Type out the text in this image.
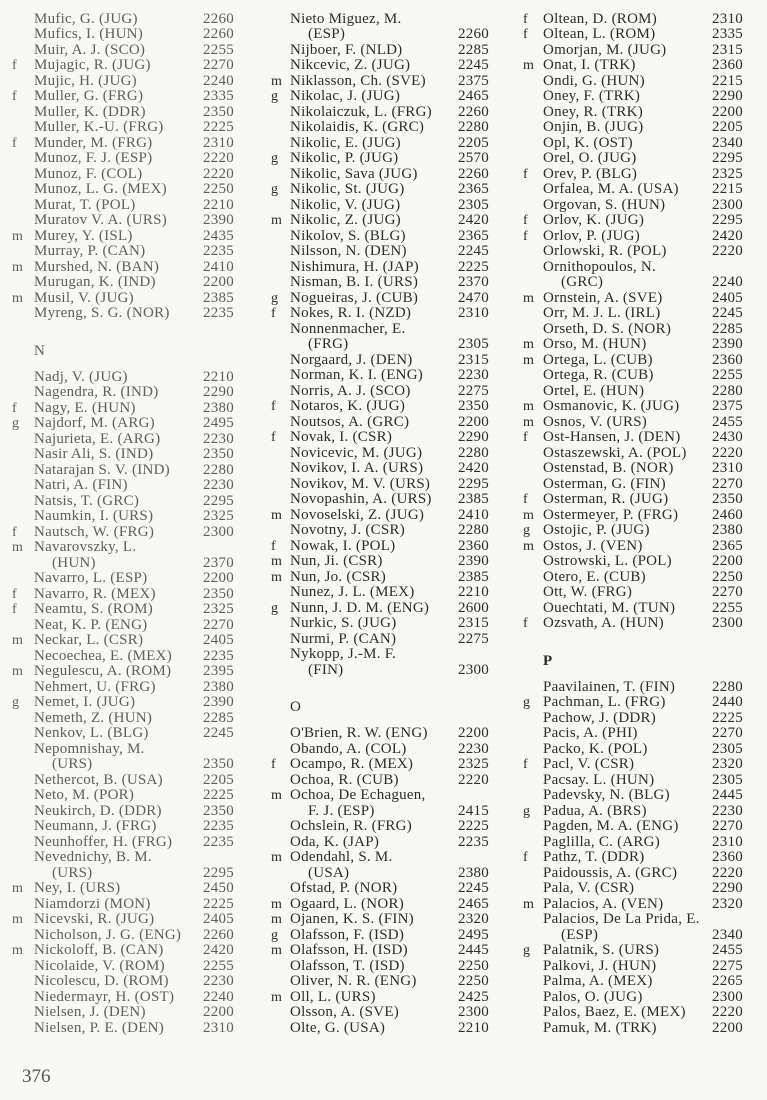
Mufic, G. (JUG)	2260
Mufics, I. (HUN)	2260
Muir, A. J. (SCO)	2255
f Mujagic, R. (JUG)	2270
Mujic, H. (JUG)	2240
f Muller, G. (FRG)	2335
Muller, K. (DDR)	2350
Muller, K.-U. (FRG)	2225
f Munder, M. (FRG)	2310
Munoz, F. J. (ESP)	2220
Munoz, F. (COL)	2220
Munoz, L. G. (MEX) 2250
Murat, T. (POL)	2210
Muratov V. A. (URS) 2390
m Murey, Y. (ISL)	2435
Murray, P. (CAN)	2235
m Murshed, N. (BAN)	2410
Murugan, K. (IND)	2200
m Musil, V. (JUG)	2385
Myreng, S. G. (NOR) 2235
N
Nadj, V. (JUG)	2210
Nagendra, R. (IND)	2290
f Nagy, E. (HUN)	2380
g Najdorf, M. (ARG)	2495
Najurieta, E. (ARG)	2230
Nasir Ali, S. (IND)	2350
Natarajan S. V. (IND) 2280
Natri, A. (FIN)	2230
Natsis, T. (GRC)	2295
Naumkin, I. (URS)	2325
f Nautsch, W. (FRG)	2300
m Navarovszky, L.
(HUN)	2370
Navarro, L. (ESP)	2200
f Navarro, R. (MEX)	2350
f Neamtu, S. (ROM)	2325
Neat, K. P. (ENG)	2270
m Neckar, L. (CSR)	2405
Necoechea, E. (MEX) 2235
m Negulescu, A. (ROM) 2395
Nehmert, U. (FRG)	2380
g Nemet, I. (JUG)	2390
Nemeth, Z. (HUN)	2285
Nenkov, L. (BLG)	2245
Nepomnishay, M.
(URS)	2350
Nethercot, B. (USA)	2205
Neto, M. (POR)	2225
Neukirch, D. (DDR)	2350
Neumann, J. (FRG)	2235
Neunhoffer, H. (FRG) 2235
Nevednichy, B. M.
(URS)	2295
m Ney, I. (URS)	2450
Niamdorzi (MON)	2225
m Nicevski, R. (JUG)	2405
Nicholson, J. G. (ENG) 2260
m Nickoloff, B. (CAN)	2420
Nicolaide, V. (ROM)	2255
Nicolescu, D. (ROM) 2230
Niedermayr, H. (OST) 2240
Nielsen, J. (DEN)	2200
Nielsen, P. E. (DEN)	2310
Nieto Miguez, M.
(ESP)	2260
Nijboer, F. (NLD)	2285
Nikcevic, Z. (JUG)	2245
m Niklasson, Ch. (SVE) 2375
g Nikolac, J. (JUG)	2465
Nikolaiczuk, L. (FRG) 2260
Nikolaidis, K. (GRC) 2280
Nikolic, E. (JUG)	2205
g Nikolic, P. (JUG)	2570
Nikolic, Sava (JUG)	2260
g Nikolic, St. (JUG)	2365
Nikolic, V. (JUG)	2305
m Nikolic, Z. (JUG)	2420
Nikolov, S. (BLG)	2365
Nilsson, N. (DEN)	2245
Nishimura, H. (JAP)	2225
Nisman, B. I. (URS)	2370
g Nogueiras, J. (CUB)	2470
f Nokes, R. I. (NZD)	2310
Nonnenmacher, E.
(FRG)	2305
Norgaard, J. (DEN)	2315
Norman, K. I. (ENG) 2230
Norris, A. J. (SCO)	2275
f Notaros, K. (JUG)	2350
Noutsos, A. (GRC)	2200
f Novak, I. (CSR)	2290
Novicevic, M. (JUG) 2280
Novikov, I. A. (URS) 2420
Novikov, M. V. (URS) 2295
Novopashin, A. (URS) 2385
m Novoselski, Z. (JUG) 2410
Novotny, J. (CSR)	2280
f Nowak, I. (POL)	2360
m Nun, Ji. (CSR)	2390
m Nun, Jo. (CSR)	2385
Nunez, J. L. (MEX)	2210
g Nunn, J. D. M. (ENG) 2600
Nurkic, S. (JUG)	2315
Nurmi, P. (CAN)	2275
Nykopp, J.-M. F.
(FIN)	2300
O
O'Brien, R. W. (ENG) 2200
Obando, A. (COL)	2230
f Ocampo, R. (MEX)	2325
Ochoa, R. (CUB)	2220
m Ochoa, De Echaguen,
F. J. (ESP)	2415
Ochslein, R. (FRG)	2225
Oda, K. (JAP)	2235
m Odendahl, S. M.
(USA)	2380
Ofstad, P. (NOR)	2245
m Ogaard, L. (NOR)	2465
m Ojanen, K. S. (FIN)	2320
g Olafsson, F. (ISD)	2495
m Olafsson, H. (ISD)	2445
Olafsson, T. (ISD)	2250
Oliver, N. R. (ENG)	2250
m Oll, L. (URS)	2425
Olsson, A. (SVE)	2300
Olte, G. (USA)	2210
f Oltean, D. (ROM)	2310
f Oltean, L. (ROM)	2335
Omorjan, M. (JUG)	2315
m Onat, I. (TRK)	2360
Ondi, G. (HUN)	2215
Oney, F. (TRK)	2290
Oney, R. (TRK)	2200
Onjin, B. (JUG)	2205
Opl, K. (OST)	2340
Orel, O. (JUG)	2295
f Orev, P. (BLG)	2325
Orfalea, M. A. (USA) 2215
Orgovan, S. (HUN)	2300
f Orlov, K. (JUG)	2295
f Orlov, P. (JUG)	2420
Orlowski, R. (POL)	2220
Ornithopoulos, N.
(GRC)	2240
m Ornstein, A. (SVE)	2405
Orr, M. J. L. (IRL)	2245
Orseth, D. S. (NOR)	2285
m Orso, M. (HUN)	2390
m Ortega, L. (CUB)	2360
Ortega, R. (CUB)	2255
Ortel, E. (HUN)	2280
m Osmanovic, K. (JUG) 2375
m Osnos, V. (URS)	2455
f Ost-Hansen, J. (DEN) 2430
Ostaszewski, A. (POL) 2220
Ostenstad, B. (NOR)	2310
Osterman, G. (FIN)	2270
f Osterman, R. (JUG)	2350
m Ostermeyer, P. (FRG) 2460
g Ostojic, P. (JUG)	2380
m Ostos, J. (VEN)	2365
Ostrowski, L. (POL)	2200
Otero, E. (CUB)	2250
Ott, W. (FRG)	2270
Ouechtati, M. (TUN) 2255
f Ozsvath, A. (HUN)	2300
P
Paavilainen, T. (FIN) 2280
g Pachman, L. (FRG)	2440
Pachow, J. (DDR)	2225
Pacis, A. (PHI)	2270
Packo, K. (POL)	2305
f Pacl, V. (CSR)	2320
Pacsay. L. (HUN)	2305
Padevsky, N. (BLG)	2445
g Padua, A. (BRS)	2230
Pagden, M. A. (ENG) 2270
Paglilla, C. (ARG)	2310
f Pathz, T. (DDR)	2360
Paidoussis, A. (GRC) 2220
Pala, V. (CSR)	2290
m Palacios, A. (VEN)	2320
Palacios, De La Prida, E.
(ESP)	2340
g Palatnik, S. (URS)	2455
Palkovi, J. (HUN)	2275
Palma, A. (MEX)	2265
Palos, O. (JUG)	2300
Palos, Baez, E. (MEX) 2220
Pamuk, M. (TRK)	2200
376
